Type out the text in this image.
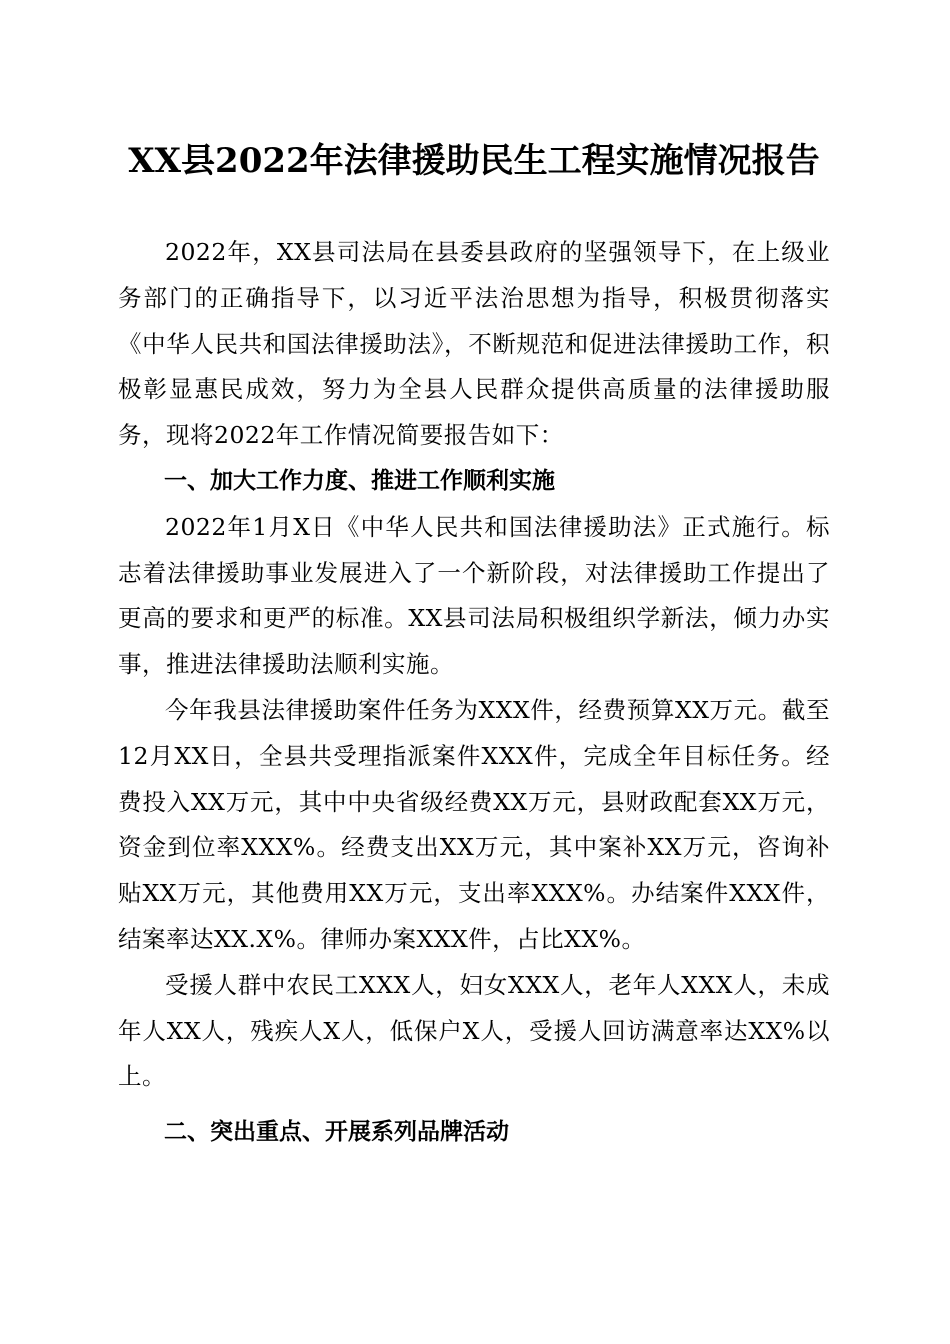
XX县2022年法律援助民生工程实施情况报告

2022年，XX县司法局在县委县政府的坚强领导下，在上级业务部门的正确指导下，以习近平法治思想为指导，积极贯彻落实《中华人民共和国法律援助法》，不断规范和促进法律援助工作，积极彰显惠民成效，努力为全县人民群众提供高质量的法律援助服务，现将2022年工作情况简要报告如下：

一、加大工作力度、推进工作顺利实施

2022年1月X日《中华人民共和国法律援助法》正式施行。标志着法律援助事业发展进入了一个新阶段，对法律援助工作提出了更高的要求和更严的标准。XX县司法局积极组织学新法，倾力办实事，推进法律援助法顺利实施。

今年我县法律援助案件任务为XXX件，经费预算XX万元。截至12月XX日，全县共受理指派案件XXX件，完成全年目标任务。经费投入XX万元，其中中央省级经费XX万元，县财政配套XX万元，资金到位率XXX%。经费支出XX万元，其中案补XX万元，咨询补贴XX万元，其他费用XX万元，支出率XXX%。办结案件XXX件，结案率达XX.X%。律师办案XXX件，占比XX%。

受援人群中农民工XXX人，妇女XXX人，老年人XXX人，未成年人XX人，残疾人X人，低保户X人，受援人回访满意率达XX%以上。

二、突出重点、开展系列品牌活动
